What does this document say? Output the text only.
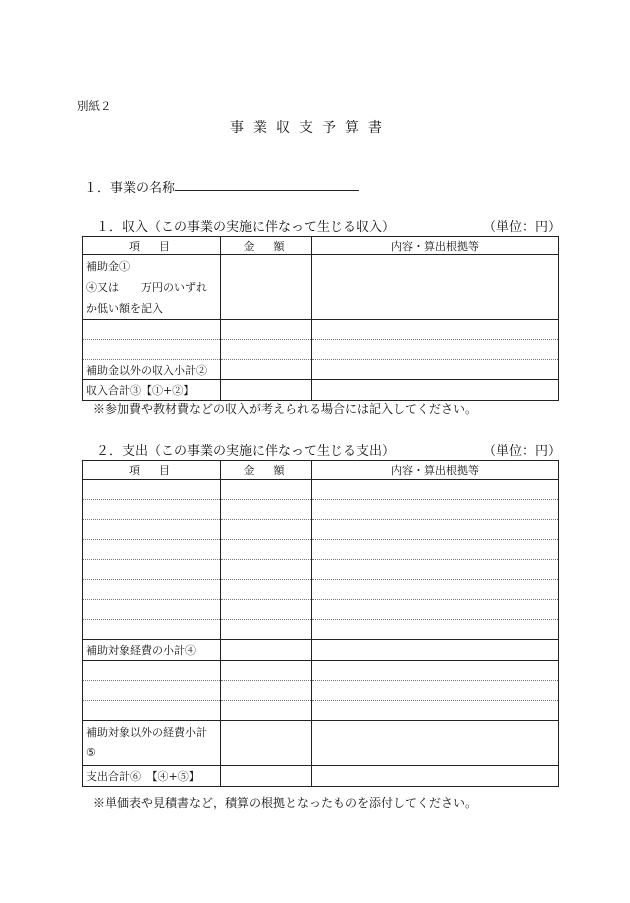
別紙２
事業収支予算書
１．事業の名称
１．収入（この事業の実施に伴なって生じる収入）	（単位：円）
項　目	金　額	内容・算出根拠等

補助金①
④又は　　万円のいずれ
か低い額を記入		

補助金以外の収入小計②		
収入合計③【①+②】		
※参加費や教材費などの収入が考えられる場合には記入してください。
２．支出（この事業の実施に伴なって生じる支出）	（単位：円）
項　目	金　額	内容・算出根拠等

補助対象経費の小計④		

補助対象以外の経費小計
⑤		

支出合計⑥　【④+⑤】		
※単価表や見積書など，積算の根拠となったものを添付してください。
